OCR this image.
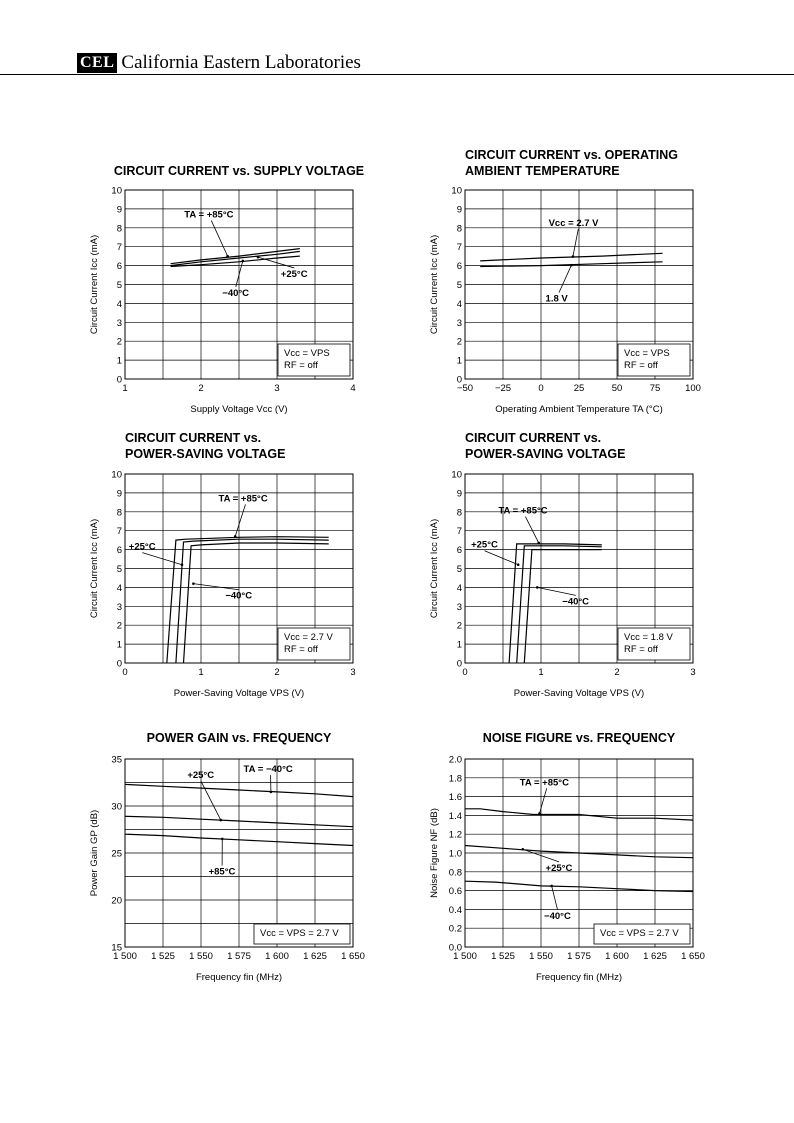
CEL California Eastern Laboratories
CIRCUIT CURRENT vs. SUPPLY VOLTAGE
1	2	3	4
0
1
2
3
4
5
6
7
8
9
10
Supply Voltage Vcc (V)
Circuit Current Icc (mA)
TA = +85°C
+25°C
−40°C
Vcc = VPS
RF = off
CIRCUIT CURRENT vs. OPERATING
AMBIENT TEMPERATURE
−50 −25	0	25	50	75	100
0
1
2
3
4
5
6
7
8
9
10
Operating Ambient Temperature TA (°C)
Circuit Current Icc (mA)
Vcc = 2.7 V
1.8 V
Vcc = VPS
RF = off
CIRCUIT CURRENT vs.
POWER-SAVING VOLTAGE
0	1	2	3
0
1
2
3
4
5
6
7
8
9
10
Power-Saving Voltage VPS (V)
Circuit Current Icc (mA)
TA = +85°C
+25°C
−40°C
Vcc = 2.7 V
RF = off
CIRCUIT CURRENT vs.
POWER-SAVING VOLTAGE
0	1	2	3
0
1
2
3
4
5
6
7
8
9
10
Power-Saving Voltage VPS (V)
Circuit Current Icc (mA)
TA = +85°C
+25°C
−40°C
Vcc = 1.8 V
RF = off
POWER GAIN vs. FREQUENCY
1 500 1 525 1 550 1 575 1 600 1 625 1 650
15
20
25
30
35
Frequency fin (MHz)
Power Gain GP (dB)
TA = −40°C
+25°C
+85°C
Vcc = VPS = 2.7 V
NOISE FIGURE vs. FREQUENCY
1 500 1 525 1 550 1 575 1 600 1 625 1 650
0.0
0.2
0.4
0.6
0.8
1.0
1.2
1.4
1.6
1.8
2.0
Frequency fin (MHz)
Noise Figure NF (dB)
TA = +85°C
+25°C
−40°C
Vcc = VPS = 2.7 V
